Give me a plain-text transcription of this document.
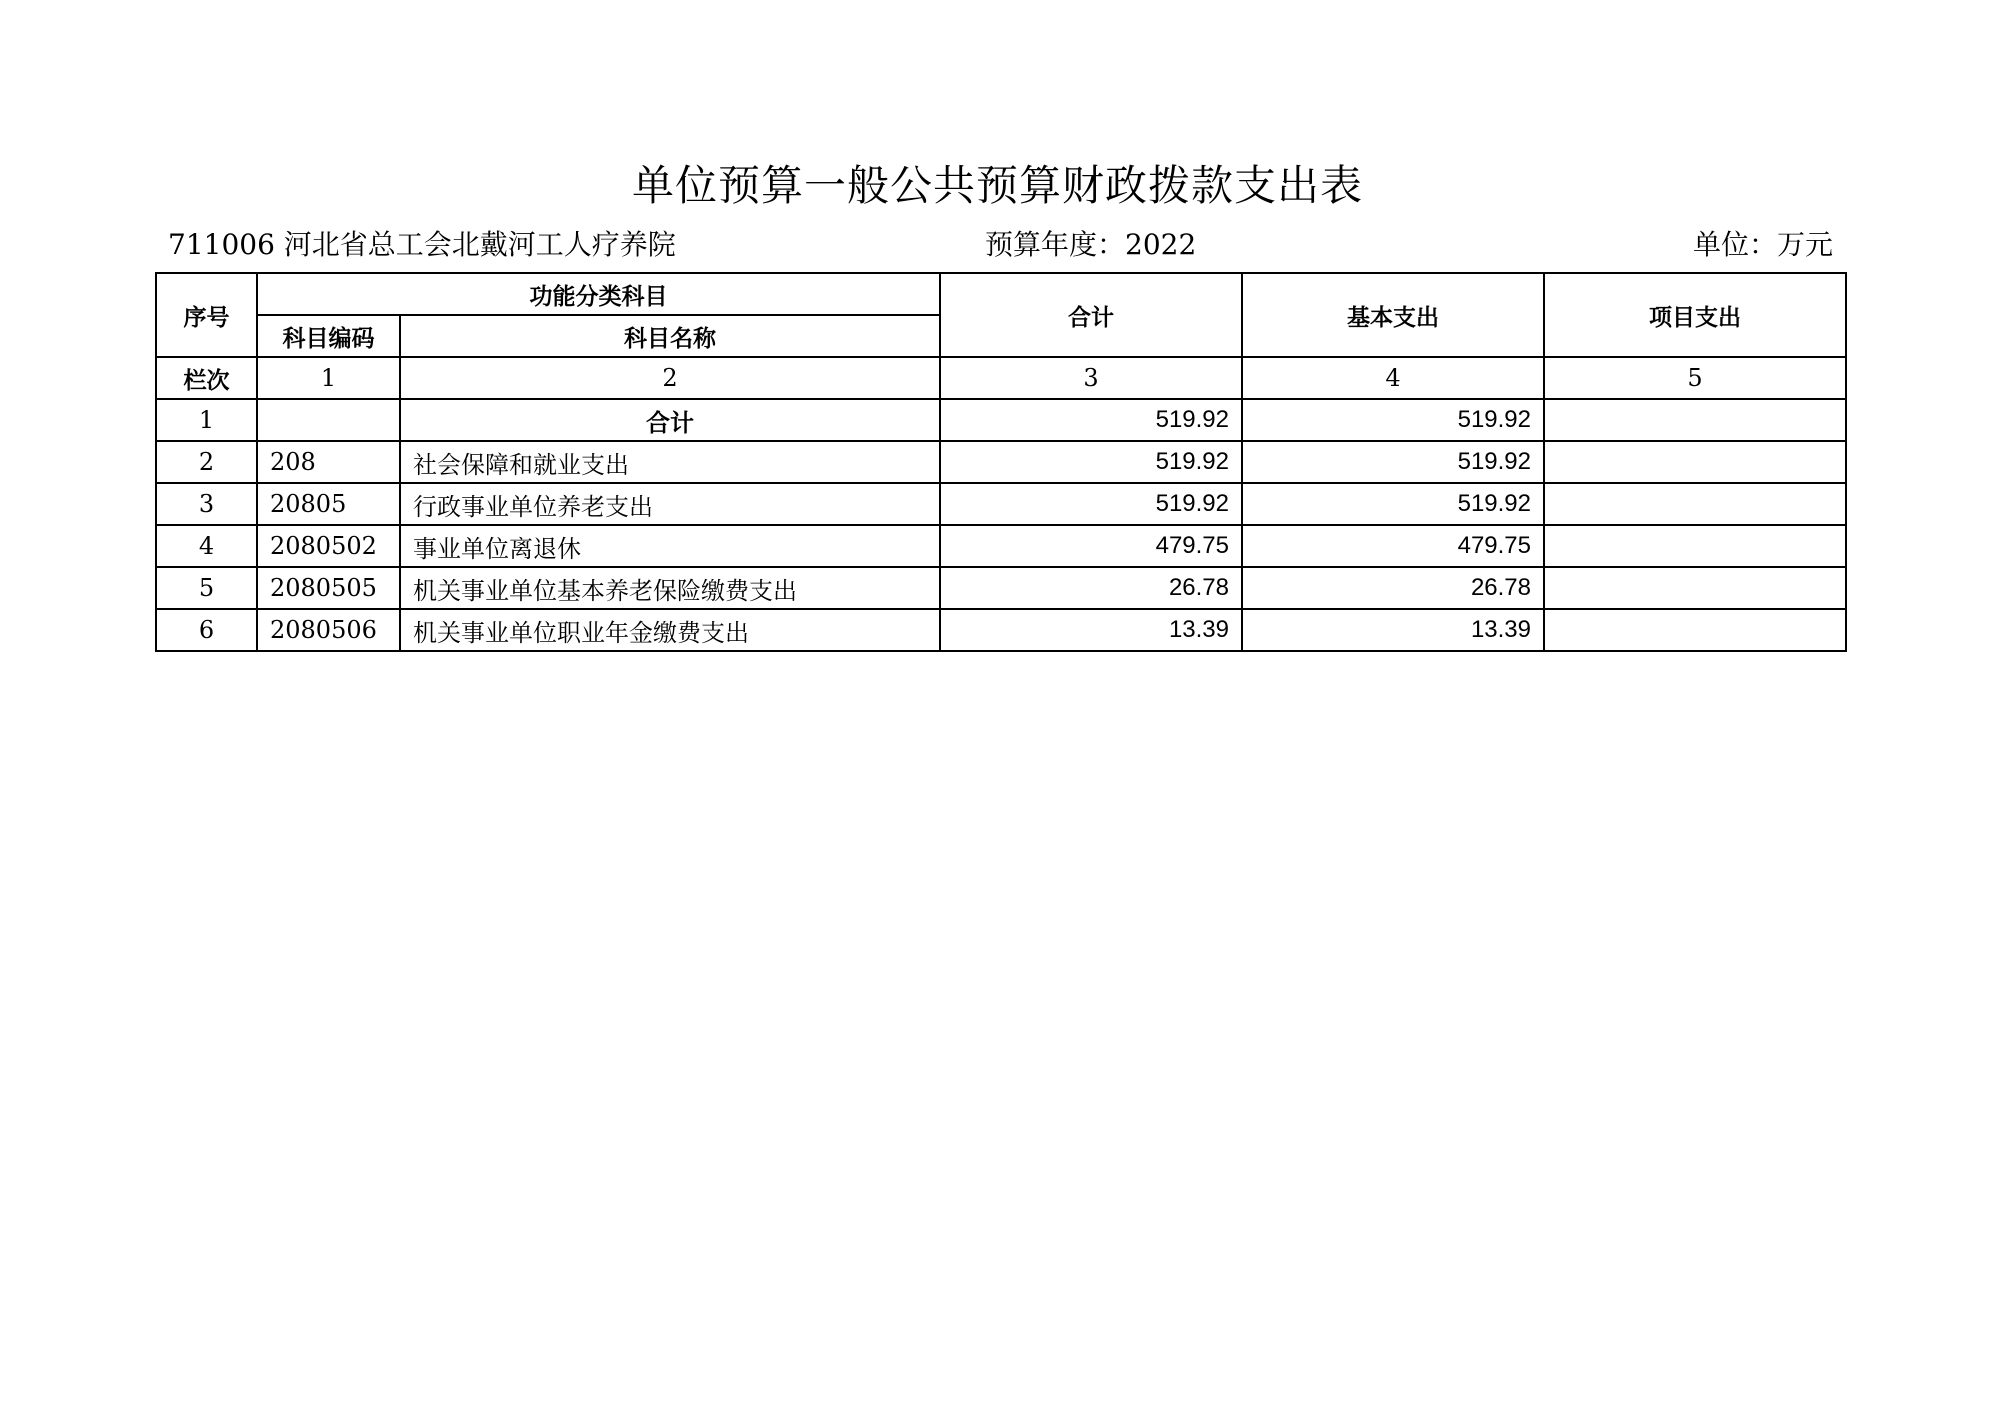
单位预算一般公共预算财政拨款支出表
711006 河北省总工会北戴河工人疗养院	预算年度：2022	单位：万元
序号	功能分类科目		合计	基本支出	项目支出
	科目编码	科目名称			
栏次	1	2	3	4	5
1		合计	519.92	519.92	
2	208	社会保障和就业支出	519.92	519.92	
3	20805	行政事业单位养老支出	519.92	519.92	
4	2080502	事业单位离退休	479.75	479.75	
5	2080505	机关事业单位基本养老保险缴费支出	26.78	26.78	
6	2080506	机关事业单位职业年金缴费支出	13.39	13.39	
